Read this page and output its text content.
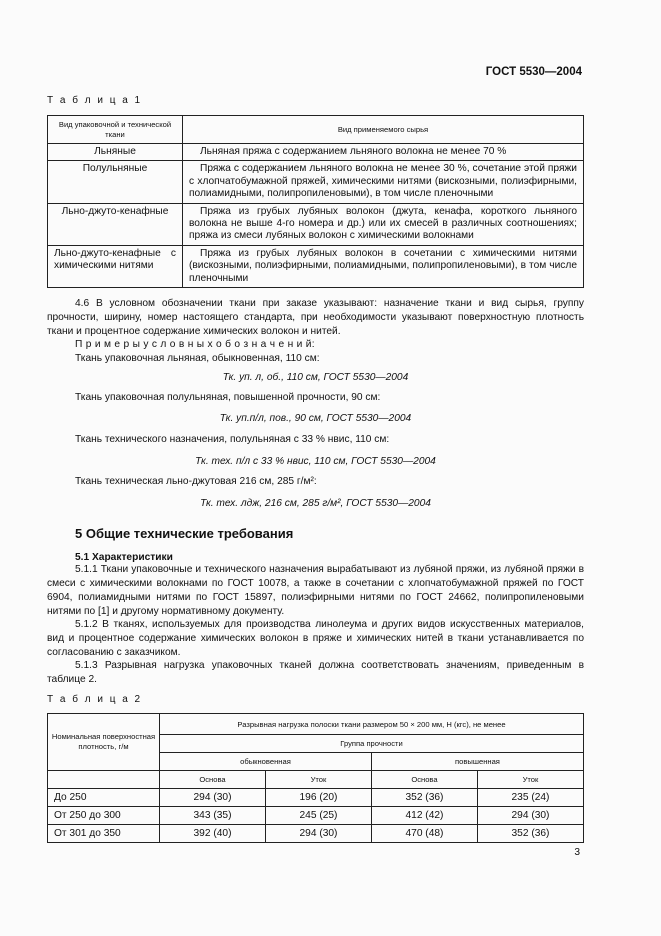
ГОСТ 5530—2004
Т а б л и ц а 1
Вид упаковочной и технической ткани	Вид применяемого сырья
Льняные	Льняная пряжа с содержанием льняного волокна не менее 70 %
Полульняные	Пряжа с содержанием льняного волокна не менее 30 %, сочетание этой пряжи с хлопчатобумажной пряжей, химическими нитями (вискозными, полиэфирными, полиамидными, полипропиленовыми), в том числе пленочными
Льно-джуто-кенафные	Пряжа из грубых лубяных волокон (джута, кенафа, короткого льняного волокна не выше 4-го номера и др.) или их смесей в различных соотношениях; пряжа из смеси лубяных волокон с химическими волокнами
Льно-джуто-кенафные с химическими нитями	Пряжа из грубых лубяных волокон в сочетании с химическими нитями (вискозными, полиэфирными, полиамидными, полипропиленовыми), в том числе пленочными
4.6 В условном обозначении ткани при заказе указывают: назначение ткани и вид сырья, группу прочности, ширину, номер настоящего стандарта, при необходимости указывают поверхностную плотность ткани и процентное содержание химических волокон и нитей.
П р и м е р ы у с л о в н ы х о б о з н а ч е н и й:
Ткань упаковочная льняная, обыкновенная, 110 см:
Тк. уп. л, об., 110 см, ГОСТ 5530—2004
Ткань упаковочная полульняная, повышенной прочности, 90 см:
Тк. уп.п/л, пов., 90 см, ГОСТ 5530—2004
Ткань технического назначения, полульняная с 33 % нвис, 110 см:
Тк. тех. п/л с 33 % нвис, 110 см, ГОСТ 5530—2004
Ткань техническая льно-джутовая 216 см, 285 г/м²:
Тк. тех. лдж, 216 см, 285 г/м², ГОСТ 5530—2004
5 Общие технические требования
5.1 Характеристики
5.1.1 Ткани упаковочные и технического назначения вырабатывают из лубяной пряжи, из лубяной пряжи в смеси с химическими волокнами по ГОСТ 10078, а также в сочетании с хлопчатобумажной пряжей по ГОСТ 6904, полиамидными нитями по ГОСТ 15897, полиэфирными нитями по ГОСТ 24662, полипропиленовыми нитями по [1] и другому нормативному документу.
5.1.2 В тканях, используемых для производства линолеума и других видов искусственных материалов, вид и процентное содержание химических волокон в пряже и химических нитей в ткани устанавливается по согласованию с заказчиком.
5.1.3 Разрывная нагрузка упаковочных тканей должна соответствовать значениям, приведенным в таблице 2.
Т а б л и ц а 2
Номинальная поверхностная плотность, г/м	Разрывная нагрузка полоски ткани размером 50 × 200 мм, Н (кгс), не менее			
	Группа прочности			
	обыкновенная		повышенная	
	Основа	Уток	Основа	Уток
До 250	294 (30)	196 (20)	352 (36)	235 (24)
От 250 до 300	343 (35)	245 (25)	412 (42)	294 (30)
От 301 до 350	392 (40)	294 (30)	470 (48)	352 (36)
3
